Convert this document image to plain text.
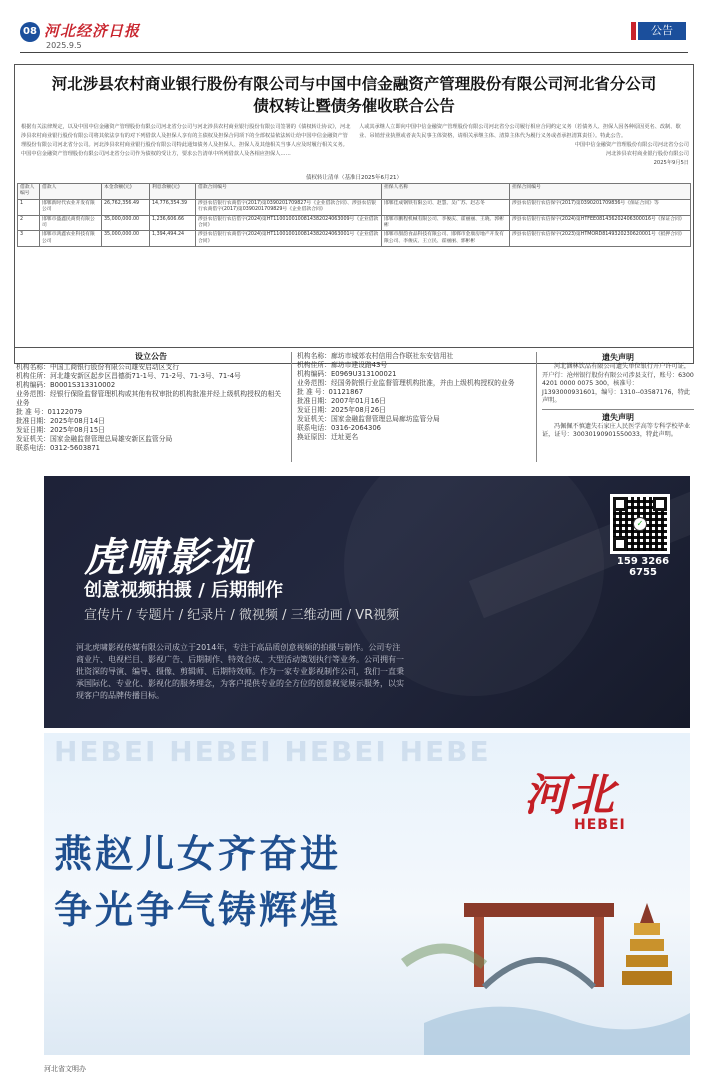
08 河北经济日报
2025.9.5
公告
河北涉县农村商业银行股份有限公司与中国中信金融资产管理股份有限公司河北省分公司
债权转让暨债务催收联合公告
根据有关法律规定，以及中国中信金融资产管理股份有限公司河北省分公司与河北涉县农村商业银行股份有限公司签署的《债权转让协议》，河北涉县农村商业银行股份有限公司将其依法享有的对下列借款人及担保人享有的主债权及担保合同项下的全部权益依法转让给中国中信金融资产管理股份有限公司河北省分公司。河北涉县农村商业银行股份有限公司特此通知债务人及担保人、担保人及其他相关当事人应及时履行相关义务。中国中信金融资产管理股份有限公司河北省分公司作为债权的受让方，要求公告清单中所列借款人及各相应担保人……
人或其承继人立即向中国中信金融资产管理股份有限公司河北省分公司履行相应合同约定义务（若债务人、担保人因各种原因更名、改制、歇业、吊销营业执照或者丧失民事主体资格，请相关承继主体、清算主体代为履行义务或者承担清算责任）。特此公告。
中国中信金融资产管理股份有限公司河北省分公司
河北涉县农村商业银行股份有限公司
2025年9月5日
债权转让清单（基准日2025年6月21）
借款人编号	借款人	本金余额(元)	利息余额(元)	借款合同编号	担保人名称	担保合同编号
1	邯郸新时代农业开发有限公司	26,762,356.49	14,776,354.39	涉县农信银行农商借字(2017)第0390201709827号《企业借款合同》、涉县农信银行农商借字(2017)第0390201709829号《企业借款合同》	邯郸佳成钢铁有限公司、赵慧、吴广苏、赵志冬	涉县农信银行农信保字(2017)第0390201709836号《保证合同》等
2	邯郸市盛鑫民商贸有限公司	35,000,000.00	1,236,606.66	涉县农信银行农信借字(2024)第HT1100100100814382024063009号《企业借款合同》	邯郸市鹏程机械有限公司、李俊庆、霍丽丽、王晓、郭彬彬	涉县农信银行农信保字(2024)第HTFEE081436202406300016号《保证合同》
3	邯郸市鸿鑫农业科技有限公司	35,000,000.00	1,394,494.24	涉县农信银行农商借字(2024)第HT1100100100814382024063001号《企业借款合同》	邯郸市甜韵食品科技有限公司、邯郸市金康房地产开发有限公司、李俊庆、王立民、霍丽丽、郭彬彬	涉县农信银行农信保字(2023)第HTMORD8149320230620001号《抵押合同》
设立公告
机构名称：中国工商银行股份有限公司雄安启动区支行
机构住所：河北雄安新区起步区昌德街71-1号、71-2号、71-3号、71-4号
机构编码：B0001S313310002
业务范围：经银行保险监督管理机构或其他有权审批的机构批准并经上级机构授权的相关业务
批 准 号：01122079
批准日期：2025年08月14日
发证日期：2025年08月15日
发证机关：国家金融监督管理总局雄安新区监管分局
联系电话：0312-5603871
机构名称：廊坊市城郊农村信用合作联社东安信用社
机构住所：廊坊市建设路43号
机构编码：E0969U313100021
业务范围：经国务院银行业监督管理机构批准，并由上级机构授权的业务
批 准 号：01121867
批准日期：2007年01月16日
发证日期：2025年08月26日
发证机关：国家金融监督管理总局廊坊监管分局
联系电话：0316-2064306
换证原因：迁址更名
遗失声明
河北涵林饮品有限公司遗失单位银行开户许可证，开户行：沧州银行股份有限公司涉县支行，账号：6300 4201 0000 0075 300，核准号：J1393000931601，编号：1310--03587176，特此声明。
遗失声明
冯佩佩不慎遗失石家庄人民医学高等专科学校毕业证，证号：30030190901550033，特此声明。
虎啸影视
创意视频拍摄 / 后期制作
宣传片 / 专题片 / 纪录片 / 微视频 / 三维动画 / VR视频
河北虎啸影视传媒有限公司成立于2014年，专注于高品质创意视频的拍摄与制作。公司专注商业片、电视栏目、影视广告、后期制作、特效合成、大型活动策划执行等业务。公司拥有一批资深的导演、编导、摄像、剪辑师、后期特效师。作为一家专业影视制作公司，我们一直秉承国际化、专业化、影视化的服务理念，为客户提供专业的全方位的创意视觉展示服务，以实现客户的品牌传播目标。
✓
159 3266 6755
HEBEI HEBEI HEBEI HEBE
燕赵儿女齐奋进
争光争气铸辉煌
河北
HEBEI
河北省文明办
